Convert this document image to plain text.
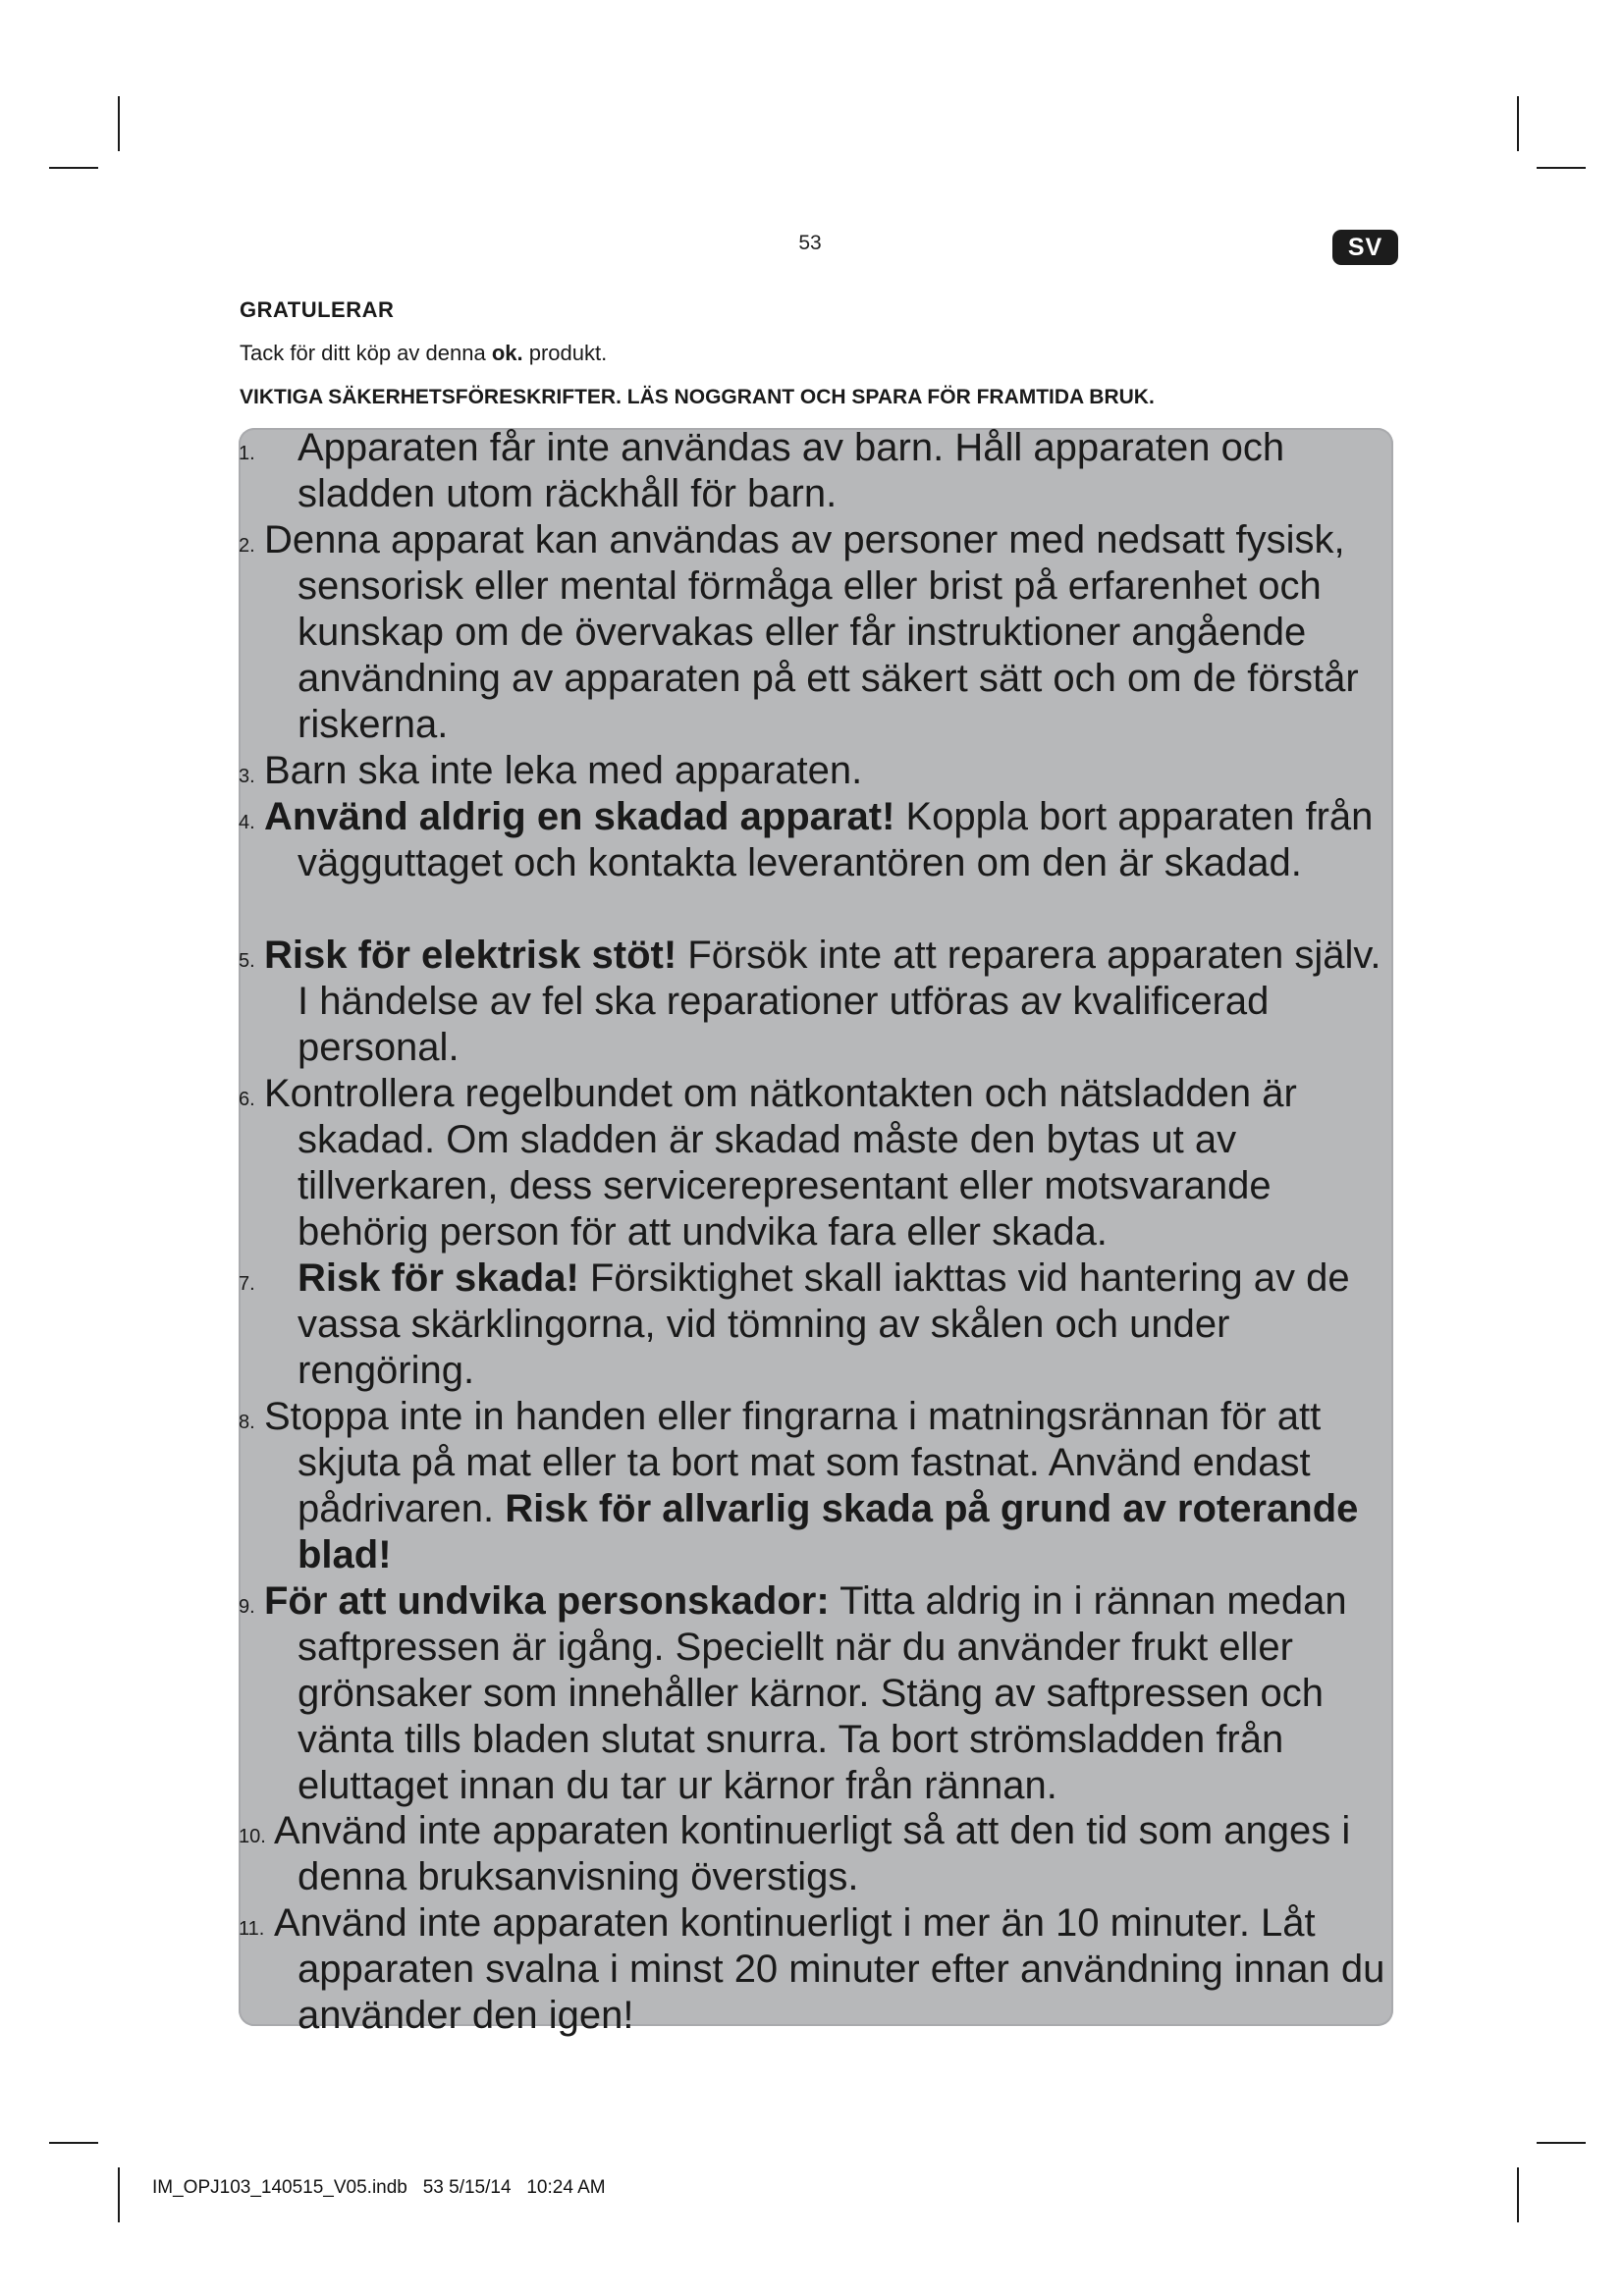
53	SV
GRATULERAR
Tack för ditt köp av denna ok. produkt.
VIKTIGA SÄKERHETSFÖRESKRIFTER. LÄS NOGGRANT OCH SPARA FÖR FRAMTIDA BRUK.
1.	Apparaten får inte användas av barn. Håll apparaten och sladden utom räckhåll för barn.
2. Denna apparat kan användas av personer med nedsatt fysisk, sensorisk eller mental förmåga eller brist på erfarenhet och kunskap om de övervakas eller får instruktioner angående användning av apparaten på ett säkert sätt och om de förstår riskerna.
3. Barn ska inte leka med apparaten.
4. Använd aldrig en skadad apparat! Koppla bort apparaten från vägguttaget och kontakta leverantören om den är skadad.
5. Risk för elektrisk stöt! Försök inte att reparera apparaten själv. I händelse av fel ska reparationer utföras av kvalificerad personal.
6. Kontrollera regelbundet om nätkontakten och nätsladden är skadad. Om sladden är skadad måste den bytas ut av tillverkaren, dess servicerepresentant eller motsvarande behörig person för att undvika fara eller skada.
7.	Risk för skada! Försiktighet skall iakttas vid hantering av de vassa skärklingorna, vid tömning av skålen och under rengöring.
8. Stoppa inte in handen eller fingrarna i matningsrännan för att skjuta på mat eller ta bort mat som fastnat. Använd endast pådrivaren. Risk för allvarlig skada på grund av roterande blad!
9. För att undvika personskador: Titta aldrig in i rännan medan saftpressen är igång. Speciellt när du använder frukt eller grönsaker som innehåller kärnor. Stäng av saftpressen och vänta tills bladen slutat snurra. Ta bort strömsladden från eluttaget innan du tar ur kärnor från rännan.
10. Använd inte apparaten kontinuerligt så att den tid som anges i denna bruksanvisning överstigs.
11. Använd inte apparaten kontinuerligt i mer än 10 minuter. Låt apparaten svalna i minst 20 minuter efter användning innan du använder den igen!
IM_OPJ103_140515_V05.indb   53 5/15/14   10:24 AM
